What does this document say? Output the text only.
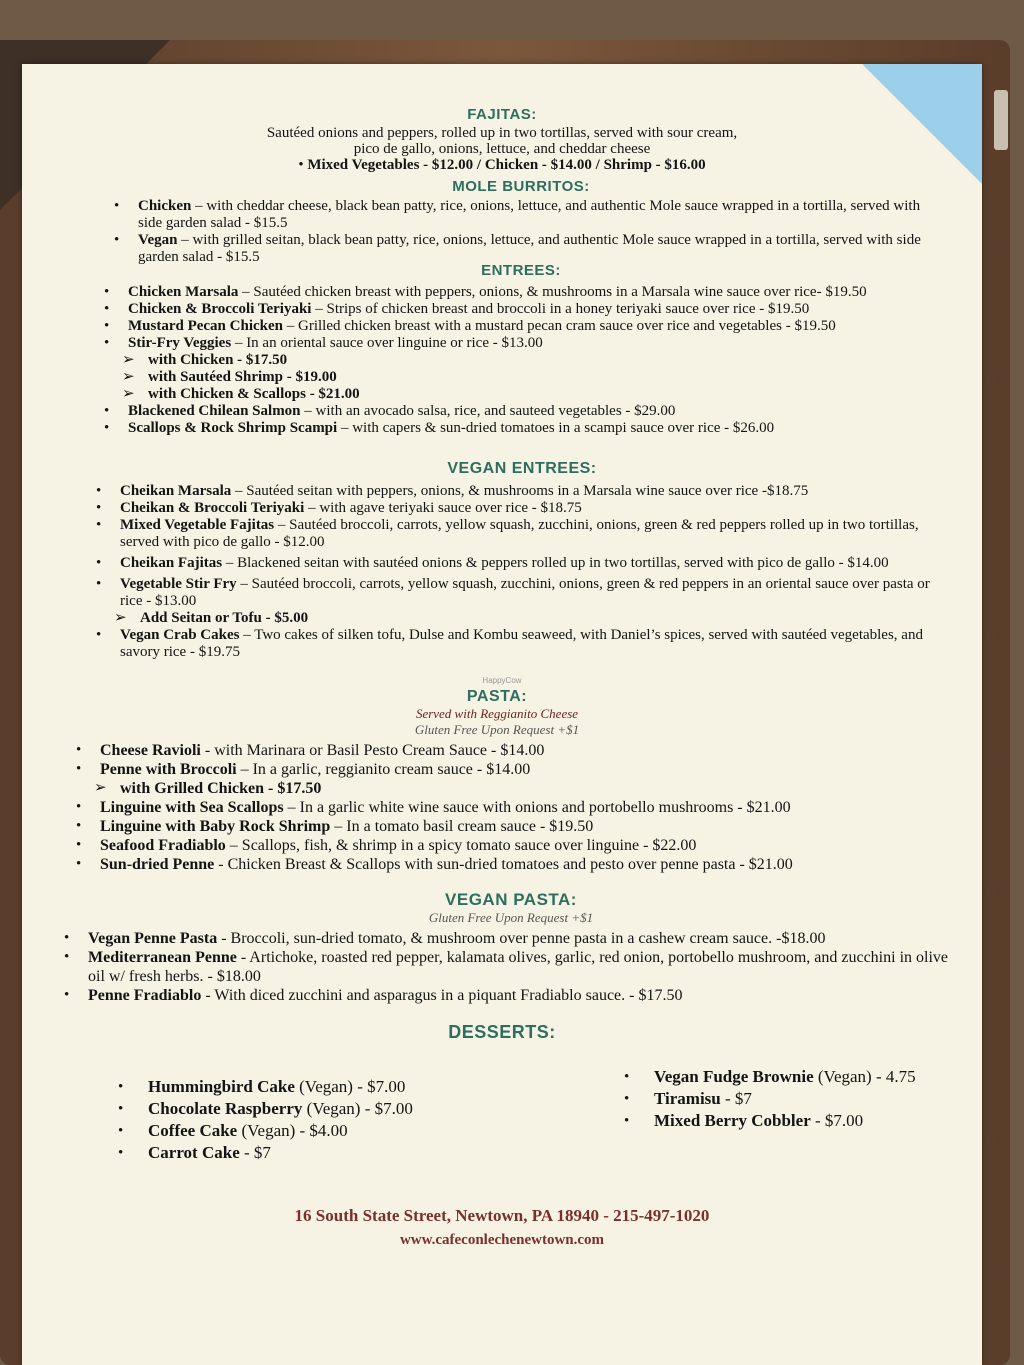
FAJITAS:
Sautéed onions and peppers, rolled up in two tortillas, served with sour cream,
pico de gallo, onions, lettuce, and cheddar cheese
• Mixed Vegetables - $12.00 / Chicken - $14.00 / Shrimp - $16.00
MOLE BURRITOS:
• Chicken – with cheddar cheese, black bean patty, rice, onions, lettuce, and authentic Mole sauce wrapped in a tortilla, served with side garden salad - $15.5
• Vegan – with grilled seitan, black bean patty, rice, onions, lettuce, and authentic Mole sauce wrapped in a tortilla, served with side garden salad - $15.5
ENTREES:
• Chicken Marsala – Sautéed chicken breast with peppers, onions, & mushrooms in a Marsala wine sauce over rice- $19.50
• Chicken & Broccoli Teriyaki – Strips of chicken breast and broccoli in a honey teriyaki sauce over rice - $19.50
• Mustard Pecan Chicken – Grilled chicken breast with a mustard pecan cram sauce over rice and vegetables - $19.50
• Stir-Fry Veggies – In an oriental sauce over linguine or rice - $13.00
➢ with Chicken - $17.50
➢ with Sautéed Shrimp - $19.00
➢ with Chicken & Scallops - $21.00
• Blackened Chilean Salmon – with an avocado salsa, rice, and sauteed vegetables - $29.00
• Scallops & Rock Shrimp Scampi – with capers & sun-dried tomatoes in a scampi sauce over rice - $26.00
VEGAN ENTREES:
• Cheikan Marsala – Sautéed seitan with peppers, onions, & mushrooms in a Marsala wine sauce over rice -$18.75
• Cheikan & Broccoli Teriyaki – with agave teriyaki sauce over rice - $18.75
• Mixed Vegetable Fajitas – Sautéed broccoli, carrots, yellow squash, zucchini, onions, green & red peppers rolled up in two tortillas, served with pico de gallo - $12.00
• Cheikan Fajitas – Blackened seitan with sautéed onions & peppers rolled up in two tortillas, served with pico de gallo - $14.00
• Vegetable Stir Fry – Sautéed broccoli, carrots, yellow squash, zucchini, onions, green & red peppers in an oriental sauce over pasta or rice - $13.00
➢ Add Seitan or Tofu - $5.00
• Vegan Crab Cakes – Two cakes of silken tofu, Dulse and Kombu seaweed, with Daniel’s spices, served with sautéed vegetables, and savory rice - $19.75
HappyCow
PASTA:
Served with Reggianito Cheese
Gluten Free Upon Request +$1
• Cheese Ravioli - with Marinara or Basil Pesto Cream Sauce - $14.00
• Penne with Broccoli – In a garlic, reggianito cream sauce - $14.00
➢ with Grilled Chicken - $17.50
• Linguine with Sea Scallops – In a garlic white wine sauce with onions and portobello mushrooms - $21.00
• Linguine with Baby Rock Shrimp – In a tomato basil cream sauce - $19.50
• Seafood Fradiablo – Scallops, fish, & shrimp in a spicy tomato sauce over linguine - $22.00
• Sun-dried Penne - Chicken Breast & Scallops with sun-dried tomatoes and pesto over penne pasta - $21.00
VEGAN PASTA:
Gluten Free Upon Request +$1
• Vegan Penne Pasta - Broccoli, sun-dried tomato, & mushroom over penne pasta in a cashew cream sauce. -$18.00
• Mediterranean Penne - Artichoke, roasted red pepper, kalamata olives, garlic, red onion, portobello mushroom, and zucchini in olive oil w/ fresh herbs. - $18.00
• Penne Fradiablo - With diced zucchini and asparagus in a piquant Fradiablo sauce. - $17.50
DESSERTS:
• Hummingbird Cake (Vegan) - $7.00
• Chocolate Raspberry (Vegan) - $7.00
• Coffee Cake (Vegan) - $4.00
• Carrot Cake - $7
• Vegan Fudge Brownie (Vegan) - 4.75
• Tiramisu - $7
• Mixed Berry Cobbler - $7.00
16 South State Street, Newtown, PA 18940 - 215-497-1020
www.cafeconlechenewtown.com
